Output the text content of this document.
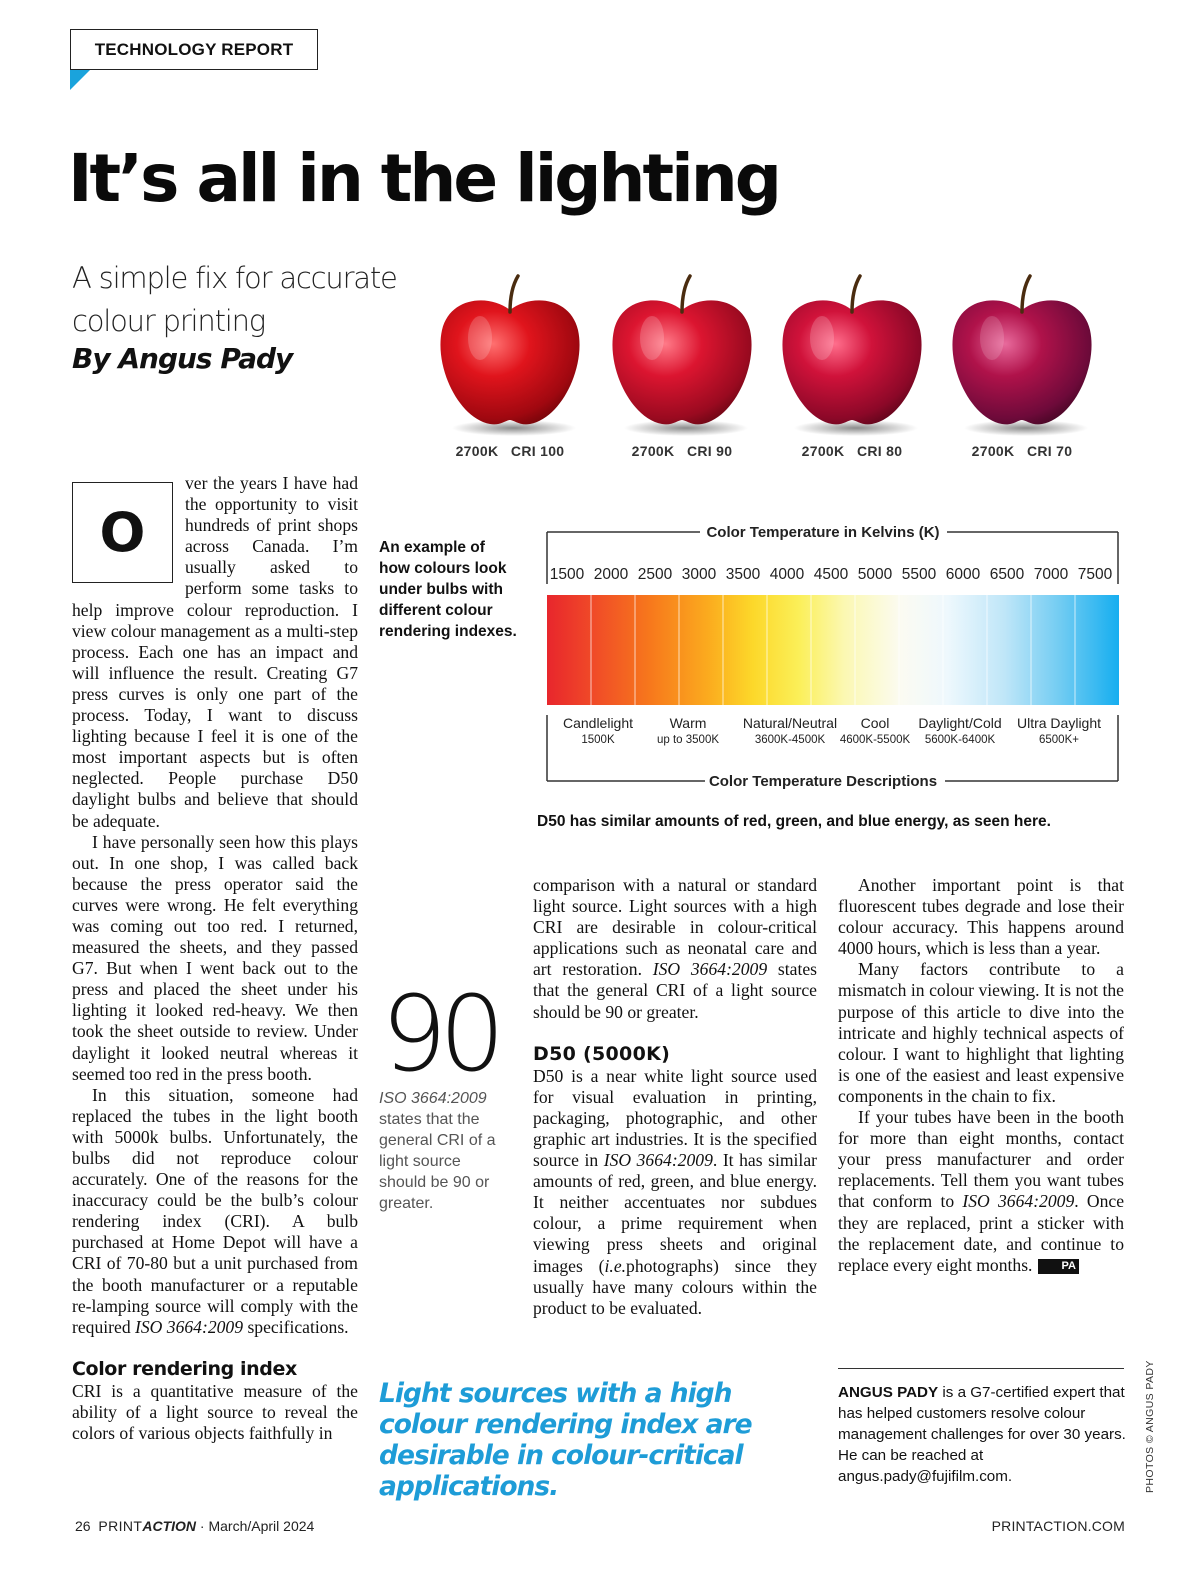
TECHNOLOGY REPORT
It’s all in the lighting
A simple fix for accurate colour printing
By Angus Pady
2700K   CRI 100	2700K   CRI 90	2700K   CRI 80	2700K   CRI 70
An example of how colours look under bulbs with different colour rendering indexes.
Color Temperature in Kelvins (K)
1500 2000 2500 3000 3500 4000 4500 5000 5500 6000 6500 7000 7500
Color Temperature Descriptions
Candlelight
1500K
Warm
up to 3500K
Natural/Neutral
3600K-4500K
Cool
4600K-5500K
Daylight/Cold
5600K-6400K
Ultra Daylight
6500K+
D50 has similar amounts of red, green, and blue energy, as seen here.
O

ver the years I have had the opportunity to visit hundreds of print shops across Canada. I’m usually asked to perform some tasks to help improve colour reproduction. I view colour management as a multi-step process. Each one has an impact and will influence the result. Creating G7 press curves is only one part of the process. Today, I want to discuss lighting because I feel it is one of the most important aspects but is often neglected. People purchase D50 daylight bulbs and believe that should be adequate.

I have personally seen how this plays out. In one shop, I was called back because the press operator said the curves were wrong. He felt everything was coming out too red. I returned, measured the sheets, and they passed G7. But when I went back out to the press and placed the sheet under his lighting it looked red-heavy. We then took the sheet outside to review. Under daylight it looked neutral whereas it seemed too red in the press booth.

In this situation, someone had replaced the tubes in the light booth with 5000k bulbs. Unfortunately, the bulbs did not reproduce colour accurately. One of the reasons for the inaccuracy could be the bulb’s colour rendering index (CRI). A bulb purchased at Home Depot will have a CRI of 70-80 but a unit purchased from the booth manufacturer or a reputable re-lamping source will comply with the required ISO 3664:2009 specifications.

Color rendering index

CRI is a quantitative measure of the ability of a light source to reveal the colors of various objects faithfully in

90
ISO 3664:2009 states that the general CRI of a light source should be 90 or greater.
Light sources with a high colour rendering index are desirable in colour-critical applications.

comparison with a natural or standard light source. Light sources with a high CRI are desirable in colour-critical applications such as neonatal care and art restoration. ISO 3664:2009 states that the general CRI of a light source should be 90 or greater.

D50 (5000K)

D50 is a near white light source used for visual evaluation in printing, packaging, photographic, and other graphic art industries. It is the specified source in ISO 3664:2009. It has similar amounts of red, green, and blue energy. It neither accentuates nor subdues colour, a prime requirement when viewing press sheets and original images (i.e.photographs) since they usually have many colours within the product to be evaluated.

Another important point is that fluorescent tubes degrade and lose their colour accuracy. This happens around 4000 hours, which is less than a year.

Many factors contribute to a mismatch in colour viewing. It is not the purpose of this article to dive into the intricate and highly technical aspects of colour. I want to highlight that lighting is one of the easiest and least expensive components in the chain to fix.

If your tubes have been in the booth for more than eight months, contact your press manufacturer and order replacements. Tell them you want tubes that conform to ISO 3664:2009. Once they are replaced, print a sticker with the replacement date, and continue to replace every eight months.	PA

ANGUS PADY is a G7-certified expert that has helped customers resolve colour management challenges for over 30 years. He can be reached at angus.pady@fujifilm.com.	PHOTOS © ANGUS PADY
26 PRINTACTION · March/April 2024	PRINTACTION.COM
